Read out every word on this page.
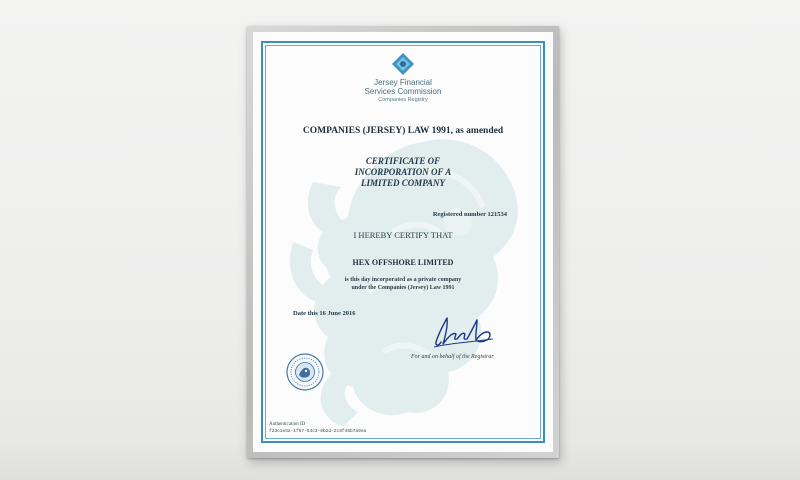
Jersey Financial
Services Commission
Companies Registry
COMPANIES (JERSEY) LAW 1991, as amended
CERTIFICATE OF
INCORPORATION OF A
LIMITED COMPANY
Registered number 121534
I HEREBY CERTIFY THAT
HEX OFFSHORE LIMITED
is this day incorporated as a private company
under the Companies (Jersey) Law 1991
Date this 16 June 2016
For and on behalf of the Registrar
Authentication ID
f23c1e5a-1f67-54c3-8b2d-2c8f45b7a9ea
